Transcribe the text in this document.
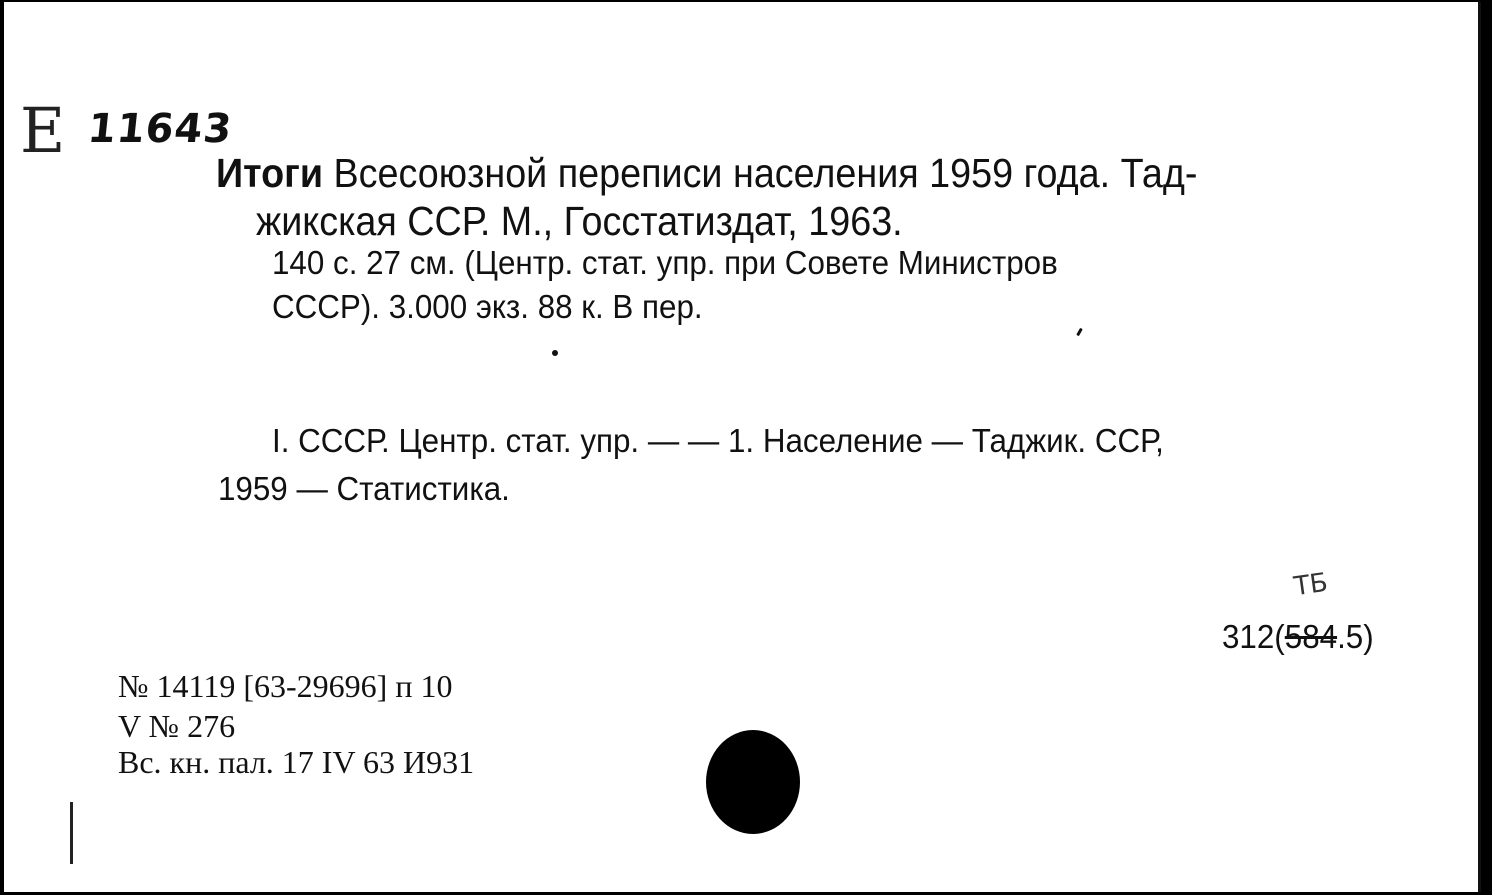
Е 11643
Итоги Всесоюзной переписи населения 1959 года. Тад-
жикская ССР. М., Госстатиздат, 1963.
140 с. 27 см. (Центр. стат. упр. при Совете Министров
СССР). 3.000 экз. 88 к. В пер.
I. СССР. Центр. стат. упр. — — 1. Население — Таджик. ССР,
1959 — Статистика.
ТБ
312(584.5)
№ 14119 [63-29696] п 10
V № 276
Вс. кн. пал. 17 IV 63 И931
